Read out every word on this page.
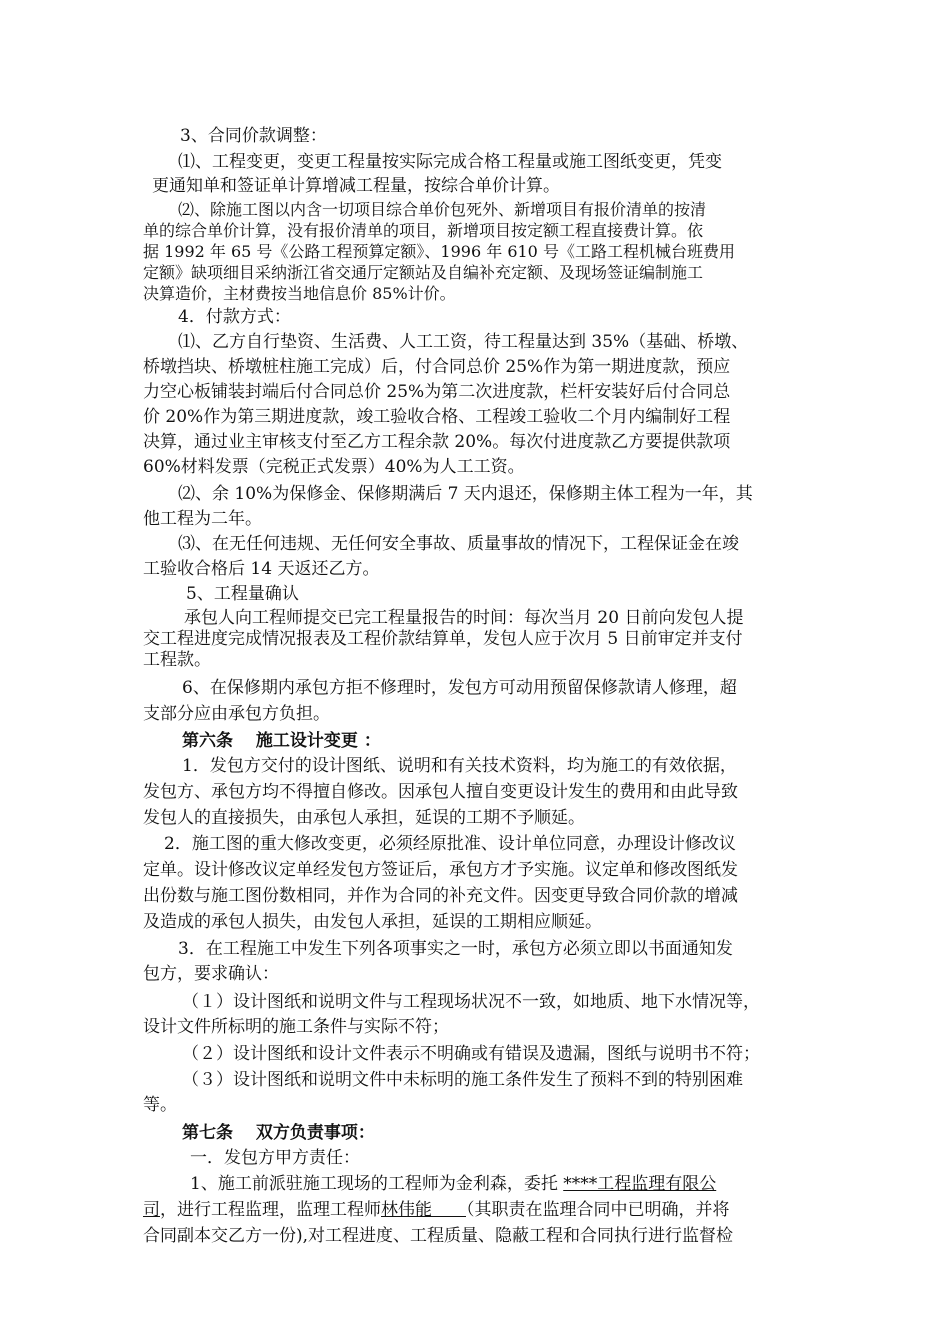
3、合同价款调整：
⑴、工程变更，变更工程量按实际完成合格工程量或施工图纸变更，凭变
更通知单和签证单计算增减工程量，按综合单价计算。
⑵、除施工图以内含一切项目综合单价包死外、新增项目有报价清单的按清
单的综合单价计算，没有报价清单的项目，新增项目按定额工程直接费计算。依
据 1992 年 65 号《公路工程预算定额》、1996 年 610 号《工路工程机械台班费用
定额》缺项细目采纳浙江省交通厅定额站及自编补充定额、及现场签证编制施工
决算造价，主材费按当地信息价 85%计价。
4．付款方式：
⑴、乙方自行垫资、生活费、人工工资，待工程量达到 35%（基础、桥墩、
桥墩挡块、桥墩桩柱施工完成）后，付合同总价 25%作为第一期进度款，预应
力空心板铺装封端后付合同总价 25%为第二次进度款，栏杆安装好后付合同总
价 20%作为第三期进度款，竣工验收合格、工程竣工验收二个月内编制好工程
决算，通过业主审核支付至乙方工程余款 20%。每次付进度款乙方要提供款项
60%材料发票（完税正式发票）40%为人工工资。
⑵、余 10%为保修金、保修期满后 7 天内退还，保修期主体工程为一年，其
他工程为二年。
⑶、在无任何违规、无任何安全事故、质量事故的情况下，工程保证金在竣
工验收合格后 14 天返还乙方。
5、工程量确认
承包人向工程师提交已完工程量报告的时间：每次当月 20 日前向发包人提
交工程进度完成情况报表及工程价款结算单，发包人应于次月 5 日前审定并支付
工程款。
6、在保修期内承包方拒不修理时，发包方可动用预留保修款请人修理，超
支部分应由承包方负担。
第六条　 施工设计变更 ：
1．发包方交付的设计图纸、说明和有关技术资料，均为施工的有效依据，
发包方、承包方均不得擅自修改。因承包人擅自变更设计发生的费用和由此导致
发包人的直接损失，由承包人承担，延误的工期不予顺延。
2．施工图的重大修改变更，必须经原批准、设计单位同意，办理设计修改议
定单。设计修改议定单经发包方签证后，承包方才予实施。议定单和修改图纸发
出份数与施工图份数相同，并作为合同的补充文件。因变更导致合同价款的增减
及造成的承包人损失，由发包人承担，延误的工期相应顺延。
3．在工程施工中发生下列各项事实之一时，承包方必须立即以书面通知发
包方，要求确认：
（１）设计图纸和说明文件与工程现场状况不一致，如地质、地下水情况等，
设计文件所标明的施工条件与实际不符；
（２）设计图纸和设计文件表示不明确或有错误及遗漏，图纸与说明书不符；
（３）设计图纸和说明文件中未标明的施工条件发生了预料不到的特别困难
等。
第七条　 双方负责事项：
一．发包方甲方责任：
1、施工前派驻施工现场的工程师为金利森，委托 ****工程监理有限公
司，进行工程监理，监理工程师林伟能　　（其职责在监理合同中已明确，并将
合同副本交乙方一份),对工程进度、工程质量、隐蔽工程和合同执行进行监督检
